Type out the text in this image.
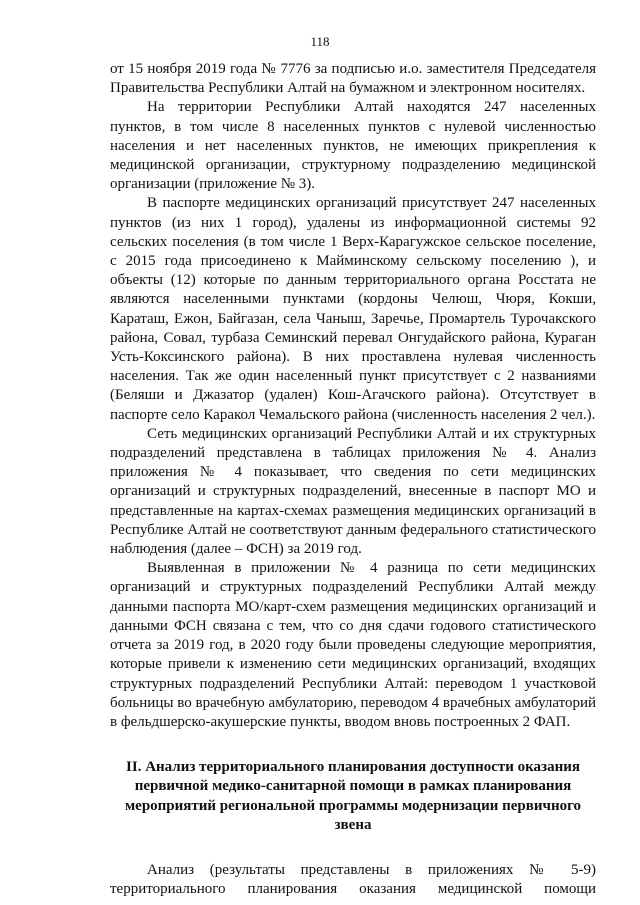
118

от 15 ноября 2019 года № 7776 за подписью и.о. заместителя Председателя Правительства Республики Алтай на бумажном и электронном носителях.

На территории Республики Алтай находятся 247 населенных пунктов, в том числе 8 населенных пунктов с нулевой численностью населения и нет населенных пунктов, не имеющих прикрепления к медицинской организации, структурному подразделению медицинской организации (приложение № 3).

В паспорте медицинских организаций присутствует 247 населенных пунктов (из них 1 город), удалены из информационной системы 92 сельских поселения (в том числе 1 Верх-Карагужское сельское поселение, с 2015 года присоединено к Майминскому сельскому поселению ), и объекты (12) которые по данным территориального органа Росстата не являются населенными пунктами (кордоны Челюш, Чюря, Кокши, Караташ, Ежон, Байгазан, села Чаныш, Заречье, Промартель Турочакского района, Совал, турбаза Семинский перевал Онгудайского района, Кураган Усть-Коксинского района). В них проставлена нулевая численность населения. Так же один населенный пункт присутствует с 2 названиями (Беляши и Джазатор (удален) Кош-Агачского района). Отсутствует в паспорте село Каракол Чемальского района (численность населения 2 чел.).

Сеть медицинских организаций Республики Алтай и их структурных подразделений представлена в таблицах приложения № 4. Анализ приложения № 4 показывает, что сведения по сети медицинских организаций и структурных подразделений, внесенные в паспорт МО и представленные на картах-схемах размещения медицинских организаций в Республике Алтай не соответствуют данным федерального статистического наблюдения (далее – ФСН) за 2019 год.

Выявленная в приложении № 4 разница по сети медицинских организаций и структурных подразделений Республики Алтай между данными паспорта МО/карт-схем размещения медицинских организаций и данными ФСН связана с тем, что со дня сдачи годового статистического отчета за 2019 год, в 2020 году были проведены следующие мероприятия, которые привели к изменению сети медицинских организаций, входящих структурных подразделений Республики Алтай: переводом 1 участковой больницы во врачебную амбулаторию, переводом 4 врачебных амбулаторий в фельдшерско-акушерские пункты, вводом вновь построенных 2 ФАП.

II. Анализ территориального планирования доступности оказания первичной медико-санитарной помощи в рамках планирования мероприятий региональной программы модернизации первичного звена

Анализ (результаты представлены в приложениях № 5-9) территориального планирования оказания медицинской помощи
